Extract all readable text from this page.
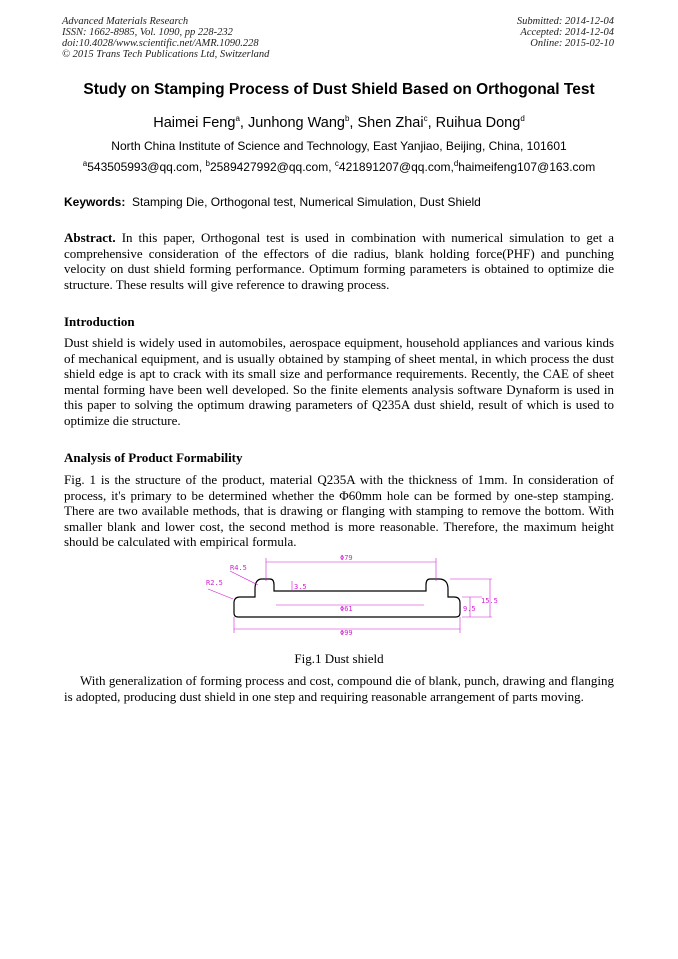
Advanced Materials Research
ISSN: 1662-8985, Vol. 1090, pp 228-232
doi:10.4028/www.scientific.net/AMR.1090.228
© 2015 Trans Tech Publications Ltd, Switzerland
Submitted: 2014-12-04
Accepted: 2014-12-04
Online: 2015-02-10
Study on Stamping Process of Dust Shield Based on Orthogonal Test
Haimei Feng$^a$, Junhong Wang$^b$, Shen Zhai$^c$, Ruihua Dong$^d$
North China Institute of Science and Technology, East Yanjiao, Beijing, China, 101601
$^a$543505993@qq.com, $^b$2589427992@qq.com, $^c$421891207@qq.com,$^d$haimeifeng107@163.com
Keywords: Stamping Die, Orthogonal test, Numerical Simulation, Dust Shield
Abstract. In this paper, Orthogonal test is used in combination with numerical simulation to get a comprehensive consideration of the effectors of die radius, blank holding force(PHF) and punching velocity on dust shield forming performance. Optimum forming parameters is obtained to optimize die structure. These results will give reference to drawing process.
Introduction
Dust shield is widely used in automobiles, aerospace equipment, household appliances and various kinds of mechanical equipment, and is usually obtained by stamping of sheet mental, in which process the dust shield edge is apt to crack with its small size and performance requirements. Recently, the CAE of sheet mental forming have been well developed. So the finite elements analysis software Dynaform is used in this paper to solving the optimum drawing parameters of Q235A dust shield, result of which is used to optimize die structure.
Analysis of Product Formability
Fig. 1 is the structure of the product, material Q235A with the thickness of 1mm. In consideration of process, it's primary to be determined whether the Φ60mm hole can be formed by one-step stamping. There are two available methods, that is drawing or flanging with stamping to remove the bottom. With smaller blank and lower cost, the second method is more reasonable. Therefore, the maximum height should be calculated with empirical formula.
Φ79
R4.5
R2.5	3.5
Φ61	9.5
15.5
Φ99
Fig.1 Dust shield
With generalization of forming process and cost, compound die of blank, punch, drawing and flanging is adopted, producing dust shield in one step and requiring reasonable arrangement of parts moving.
